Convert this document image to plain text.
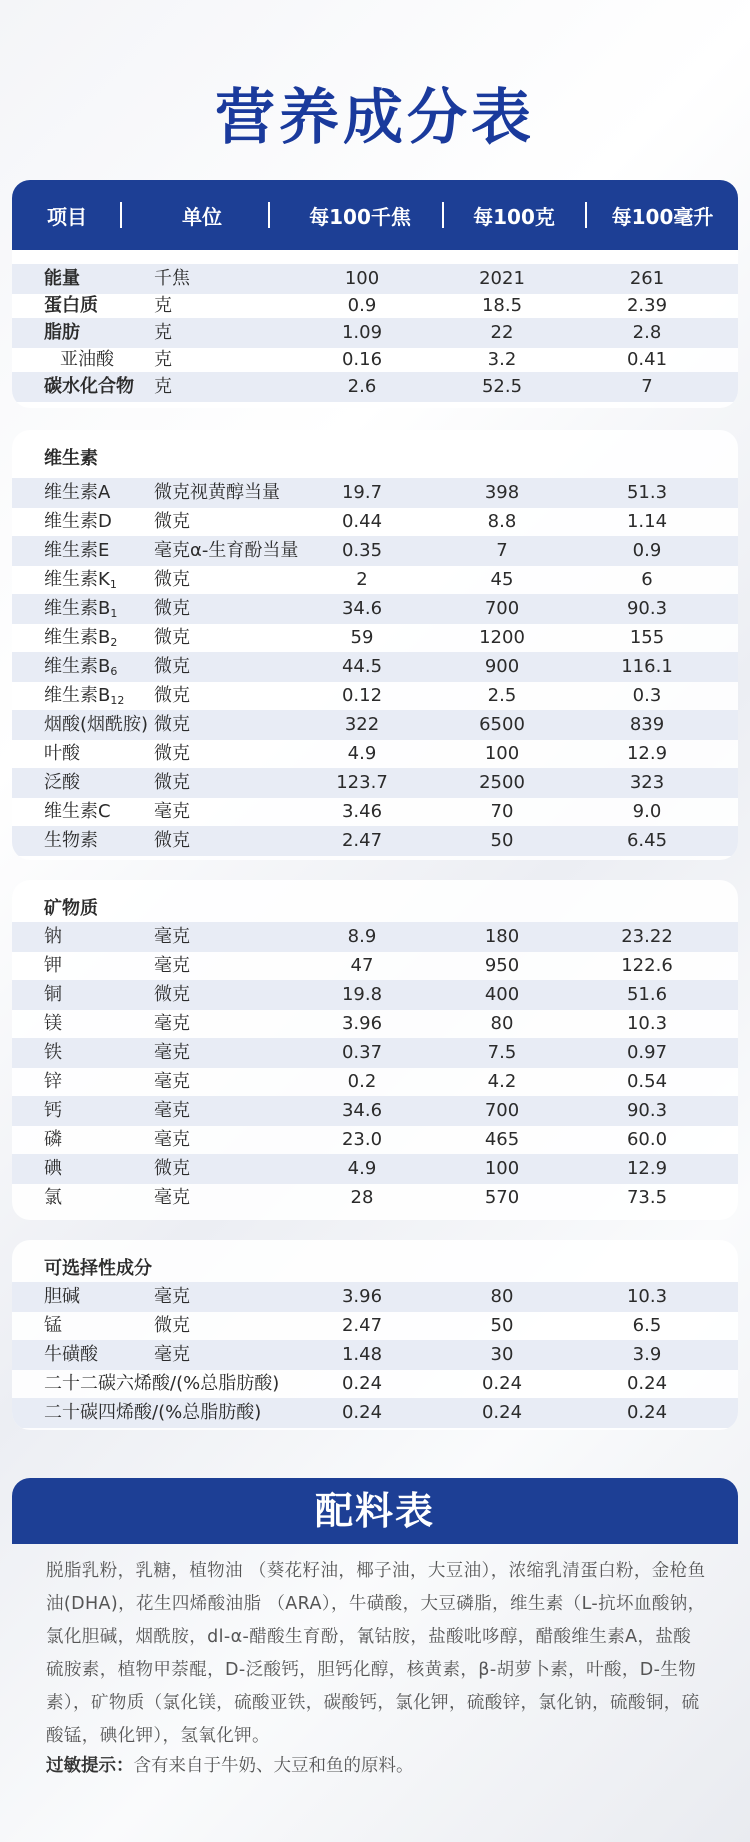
营养成分表
项目	单位	每100千焦	每100克	每100毫升
能量	千焦	100	2021	261
蛋白质	克	0.9	18.5	2.39
脂肪	克	1.09	22	2.8
亚油酸 克	0.16	3.2	0.41
碳水化合物 克	2.6	52.5	7
维生素
维生素A 微克视黄醇当量	19.7	398	51.3
维生素D 微克	0.44	8.8	1.14
维生素E 毫克α-生育酚当量	0.35	7	0.9
维生素$K_1$ 微克	2	45	6
维生素$B_1$ 微克	34.6	700	90.3
维生素$B_2$ 微克	59	1200	155
维生素$B_6$ 微克	44.5	900	116.1
维生素$B_{12}$ 微克	0.12	2.5	0.3
烟酸(烟酰胺) 微克	322	6500	839
叶酸	微克	4.9	100	12.9
泛酸	微克	123.7	2500	323
维生素C 毫克	3.46	70	9.0
生物素	微克	2.47	50	6.45
矿物质
钠	毫克	8.9	180	23.22
钾	毫克	47	950	122.6
铜	微克	19.8	400	51.6
镁	毫克	3.96	80	10.3
铁	毫克	0.37	7.5	0.97
锌	毫克	0.2	4.2	0.54
钙	毫克	34.6	700	90.3
磷	毫克	23.0	465	60.0
碘	微克	4.9	100	12.9
氯	毫克	28	570	73.5
可选择性成分
胆碱	毫克	3.96	80	10.3
锰	微克	2.47	50	6.5
牛磺酸	毫克	1.48	30	3.9
二十二碳六烯酸/(%总脂肪酸)	0.24	0.24	0.24
二十碳四烯酸/(%总脂肪酸)	0.24	0.24	0.24
配料表
脱脂乳粉，乳糖，植物油 （葵花籽油，椰子油，大豆油），浓缩乳清蛋白粉，金枪鱼油(DHA)，花生四烯酸油脂 （ARA），牛磺酸，大豆磷脂，维生素（L-抗坏血酸钠，氯化胆碱，烟酰胺，dl-α-醋酸生育酚，氰钴胺，盐酸吡哆醇，醋酸维生素A，盐酸硫胺素，植物甲萘醌，D-泛酸钙，胆钙化醇，核黄素，β-胡萝卜素，叶酸，D-生物素），矿物质（氯化镁，硫酸亚铁，碳酸钙，氯化钾，硫酸锌，氯化钠，硫酸铜，硫酸锰，碘化钾），氢氧化钾。
过敏提示：含有来自于牛奶、大豆和鱼的原料。
